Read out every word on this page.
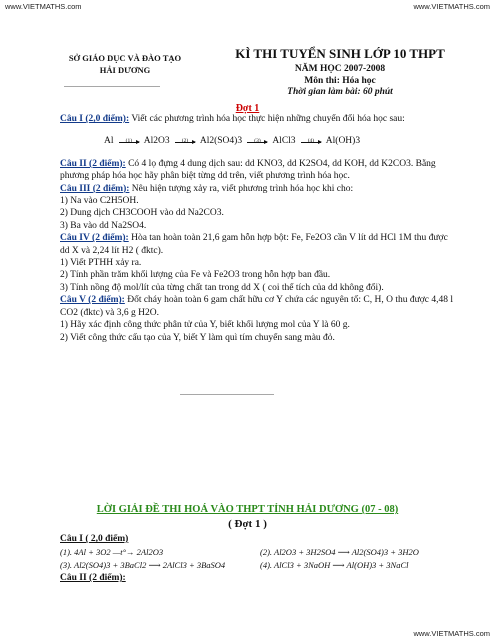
www.VIETMATHS.com	www.VIETMATHS.com
SỞ GIÁO DỤC VÀ ĐÀO TẠO
HẢI DƯƠNG
................................................
KÌ THI TUYỂN SINH LỚP 10 THPT
NĂM HỌC 2007-2008
Môn thi: Hóa học
Thời gian làm bài: 60 phút
Đợt 1

Câu I (2,0 điểm): Viết các phương trình hóa học thực hiện những chuyển đổi hóa học sau:

Al	(1)	Al2O3	(2)	Al2(SO4)3	(3)	AlCl3	(4)	Al(OH)3

Câu II (2 điểm): Có 4 lọ đựng 4 dung dịch sau: dd KNO3, dd K2SO4, dd KOH, dd K2CO3. Bằng phương pháp hóa học hãy phân biệt từng dd trên, viết phương trình hóa học.

Câu III (2 điểm): Nêu hiện tượng xảy ra, viết phương trình hóa học khi cho:

1) Na vào C2H5OH.

2) Dung dịch CH3COOH vào dd Na2CO3.

3) Ba vào dd Na2SO4.

Câu IV (2 điểm): Hòa tan hoàn toàn 21,6 gam hỗn hợp bột: Fe, Fe2O3 cần V lít dd HCl 1M thu được dd X và 2,24 lít H2 ( đktc).

1) Viết PTHH xảy ra.

2) Tính phần trăm khối lượng của Fe và Fe2O3 trong hỗn hợp ban đầu.

3) Tính nồng độ mol/lít của từng chất tan trong dd X ( coi thể tích của dd không đổi).

Câu V (2 điểm): Đốt cháy hoàn toàn 6 gam chất hữu cơ Y chứa các nguyên tố: C, H, O thu được 4,48 l CO2 (đktc) và 3,6 g H2O.

1) Hãy xác định công thức phân tử của Y, biết khối lượng mol của Y là 60 g.

2) Viết công thức cấu tạo của Y, biết Y làm quì tím chuyển sang màu đỏ.

...............................................
LỜI GIẢI ĐỀ THI HOÁ VÀO THPT TỈNH HẢI DƯƠNG (07 - 08)
( Đợt 1 )
Câu I ( 2,0 điểm)
(1). 4Al + 3O2 —t°→ 2Al2O3	(2). Al2O3 + 3H2SO4 ⟶ Al2(SO4)3 + 3H2O
(3). Al2(SO4)3 + 3BaCl2 ⟶ 2AlCl3 + 3BaSO4	(4). AlCl3 + 3NaOH ⟶ Al(OH)3 + 3NaCl
Câu II (2 điểm):
www.VIETMATHS.com
